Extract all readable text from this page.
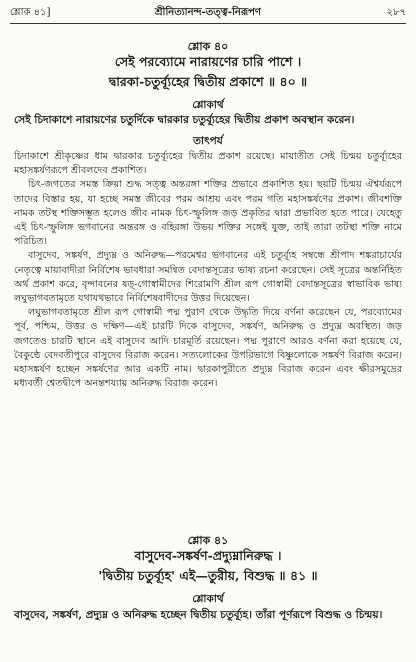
শ্লোক ৪১]	শ্রীনিত্যানন্দ-তত্ত্ব-নিরূপণ	২৮৭
শ্লোক ৪০
সেই পরব্যোমে নারায়ণের চারি পাশে ।
দ্বারকা-চতুর্ব্যূহের দ্বিতীয় প্রকাশে ॥ ৪০ ॥
শ্লোকার্থ
সেই চিদাকাশে নারায়ণের চতুর্দিকে দ্বারকার চতুর্ব্যূহের দ্বিতীয় প্রকাশ অবস্থান করেন।
তাৎপর্য

চিদাকাশে শ্রীকৃষ্ণের ধাম দ্বারকার চতুর্ব্যূহের দ্বিতীয় প্রকাশ রয়েছে। মায়াতীত সেই চিন্ময় চতুর্ব্যূহের মহাসঙ্কর্ষণরূপে শ্রীবলদেব প্রকাশিত।

চিৎ-জগতের সমস্ত ক্রিয়া শুদ্ধ সত্ত্ব অন্তরঙ্গা শক্তির প্রভাবে প্রকাশিত হয়। ছয়টি চিন্ময় ঐশ্বর্যরূপে তাদের বিস্তার হয়, যা হচ্ছে সমস্ত জীবের পরম আশ্রয় এবং পরম গতি মহাসঙ্কর্ষণের প্রকাশ। জীবশক্তি নামক তটস্থ শক্তিসম্ভূত হলেও জীব নামক চিৎ-স্ফুলিঙ্গ জড় প্রকৃতির দ্বারা প্রভাবিত হতে পারে। যেহেতু এই চিৎ-স্ফুলিঙ্গ ভগবানের অন্তরঙ্গ ও বহিরঙ্গা উভয় শক্তির সঙ্গেই যুক্ত, তাই তারা তটস্থা শক্তি নামে পরিচিত।

বাসুদেব, সঙ্কর্ষণ, প্রদ্যুম্ন ও অনিরুদ্ধ—পরমেশ্বর ভগবানের এই চতুর্ব্যূহ সম্বন্ধে শ্রীপাদ শঙ্করাচার্যের নেতৃত্বে মায়াবাদীরা নির্বিশেষ ভাবধারা সমন্বিত বেদান্তসূত্রের ভাষ্য রচনা করেছেন। সেই সূত্রের অন্তর্নিহিত অর্থ প্রকাশ করে, বৃন্দাবনের ষড়্-গোস্বামীদের শিরোমণি শ্রীল রূপ গোস্বামী বেদান্তসূত্রের স্বাভাবিক ভাষ্য লঘুভাগবতামৃতে যথাযথভাবে নির্বিশেষবাদীদের উত্তর দিয়েছেন।

লঘুভাগবতামৃতে শ্রীল রূপ গোস্বামী পদ্ম পুরাণ থেকে উদ্ধৃতি দিয়ে বর্ণনা করেছেন যে, পরব্যোমের পূর্ব, পশ্চিম, উত্তর ও দক্ষিণ—এই চারটি দিকে বাসুদেব, সঙ্কর্ষণ, অনিরুদ্ধ ও প্রদ্যুম্ন অবস্থিত। জড় জগতেও চারটি স্থানে এই বাসুদেব আদি চারমূর্তি রয়েছেন। পদ্ম পুরাণে আরও বর্ণনা করা হয়েছে যে, বৈকুণ্ঠে বেদবতীপুরে বাসুদেব বিরাজ করেন। সত্যলোকের উপরিভাগে বিষ্ণুলোকে সঙ্কর্ষণ বিরাজ করেন। মহাসঙ্কর্ষণ হচ্ছেন সঙ্কর্ষণের আর একটি নাম। দ্বারকাপুরীতে প্রদ্যুম্ন বিরাজ করেন এবং ক্ষীরসমুদ্রের মধ্যবর্তী শ্বেতদ্বীপে অনন্তশয্যায় অনিরুদ্ধ বিরাজ করেন।

শ্লোক ৪১
বাসুদেব-সঙ্কর্ষণ-প্রদ্যুম্নানিরুদ্ধ ।
'দ্বিতীয় চতুর্ব্যূহ' এই—তুরীয়, বিশুদ্ধ ॥ ৪১ ॥
শ্লোকার্থ
বাসুদেব, সঙ্কর্ষণ, প্রদ্যুম্ন ও অনিরুদ্ধ হচ্ছেন দ্বিতীয় চতুর্ব্যূহ। তাঁরা পূর্ণরূপে বিশুদ্ধ ও চিন্ময়।
